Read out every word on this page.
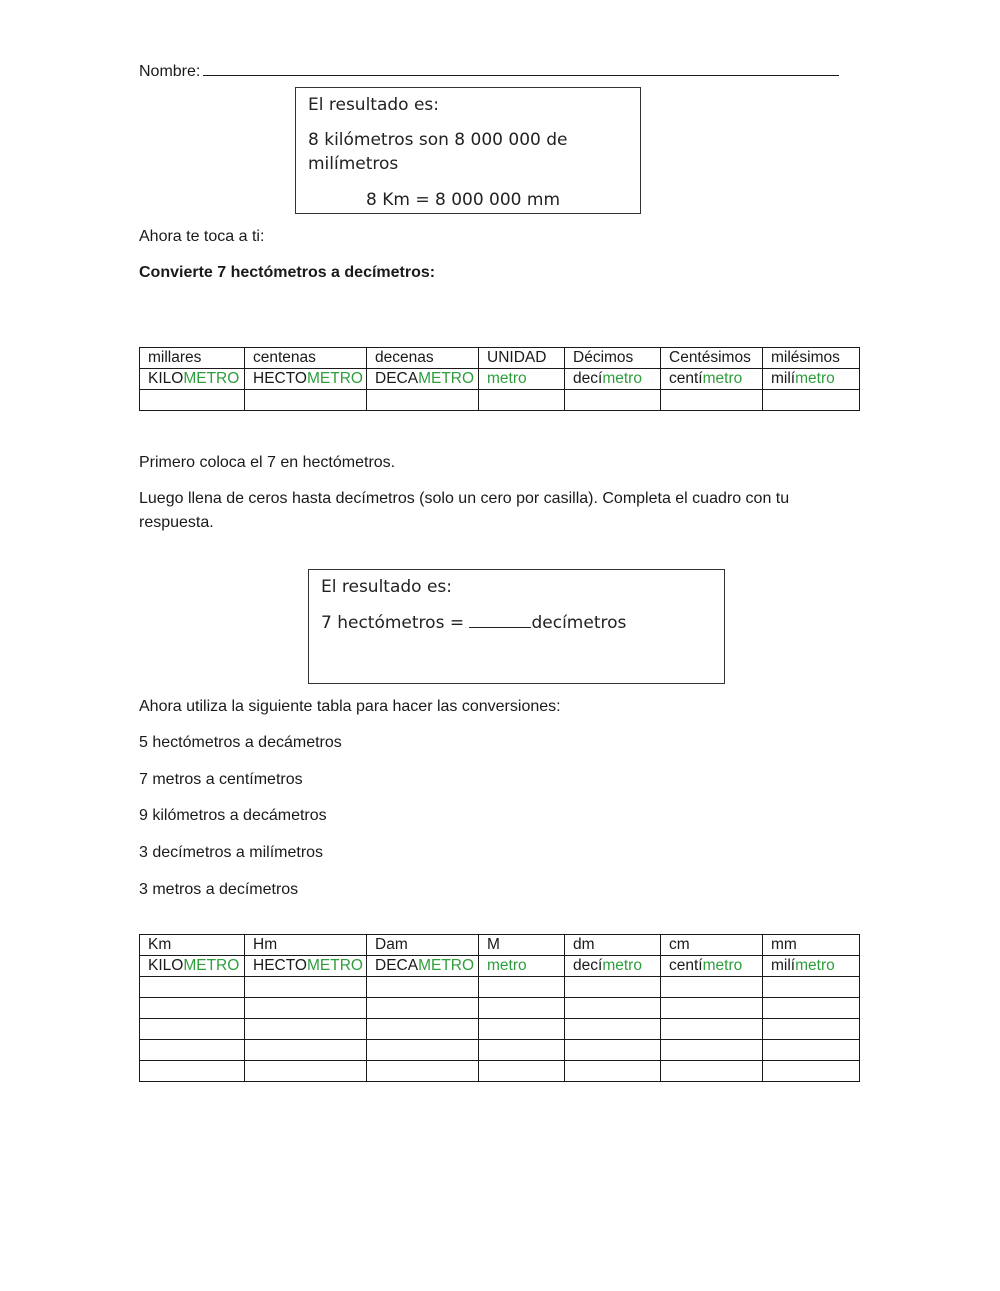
Nombre:
El resultado es:
8 kilómetros son 8 000 000 de
milímetros
8 Km = 8 000 000 mm
Ahora te toca a ti:
Convierte 7 hectómetros a decímetros:
millares	centenas	decenas	UNIDAD	Décimos	Centésimos	milésimos
KILOMETRO	HECTOMETRO	DECAMETRO	metro	decímetro	centímetro	milímetro

Primero coloca el 7 en hectómetros.
Luego llena de ceros hasta decímetros (solo un cero por casilla). Completa el cuadro con tu
respuesta.
El resultado es:
7 hectómetros =	decímetros
Ahora utiliza la siguiente tabla para hacer las conversiones:
5 hectómetros a decámetros
7 metros a centímetros
9 kilómetros a decámetros
3 decímetros a milímetros
3 metros a decímetros
Km	Hm	Dam	M	dm	cm	mm
KILOMETRO	HECTOMETRO	DECAMETRO	metro	decímetro	centímetro	milímetro
